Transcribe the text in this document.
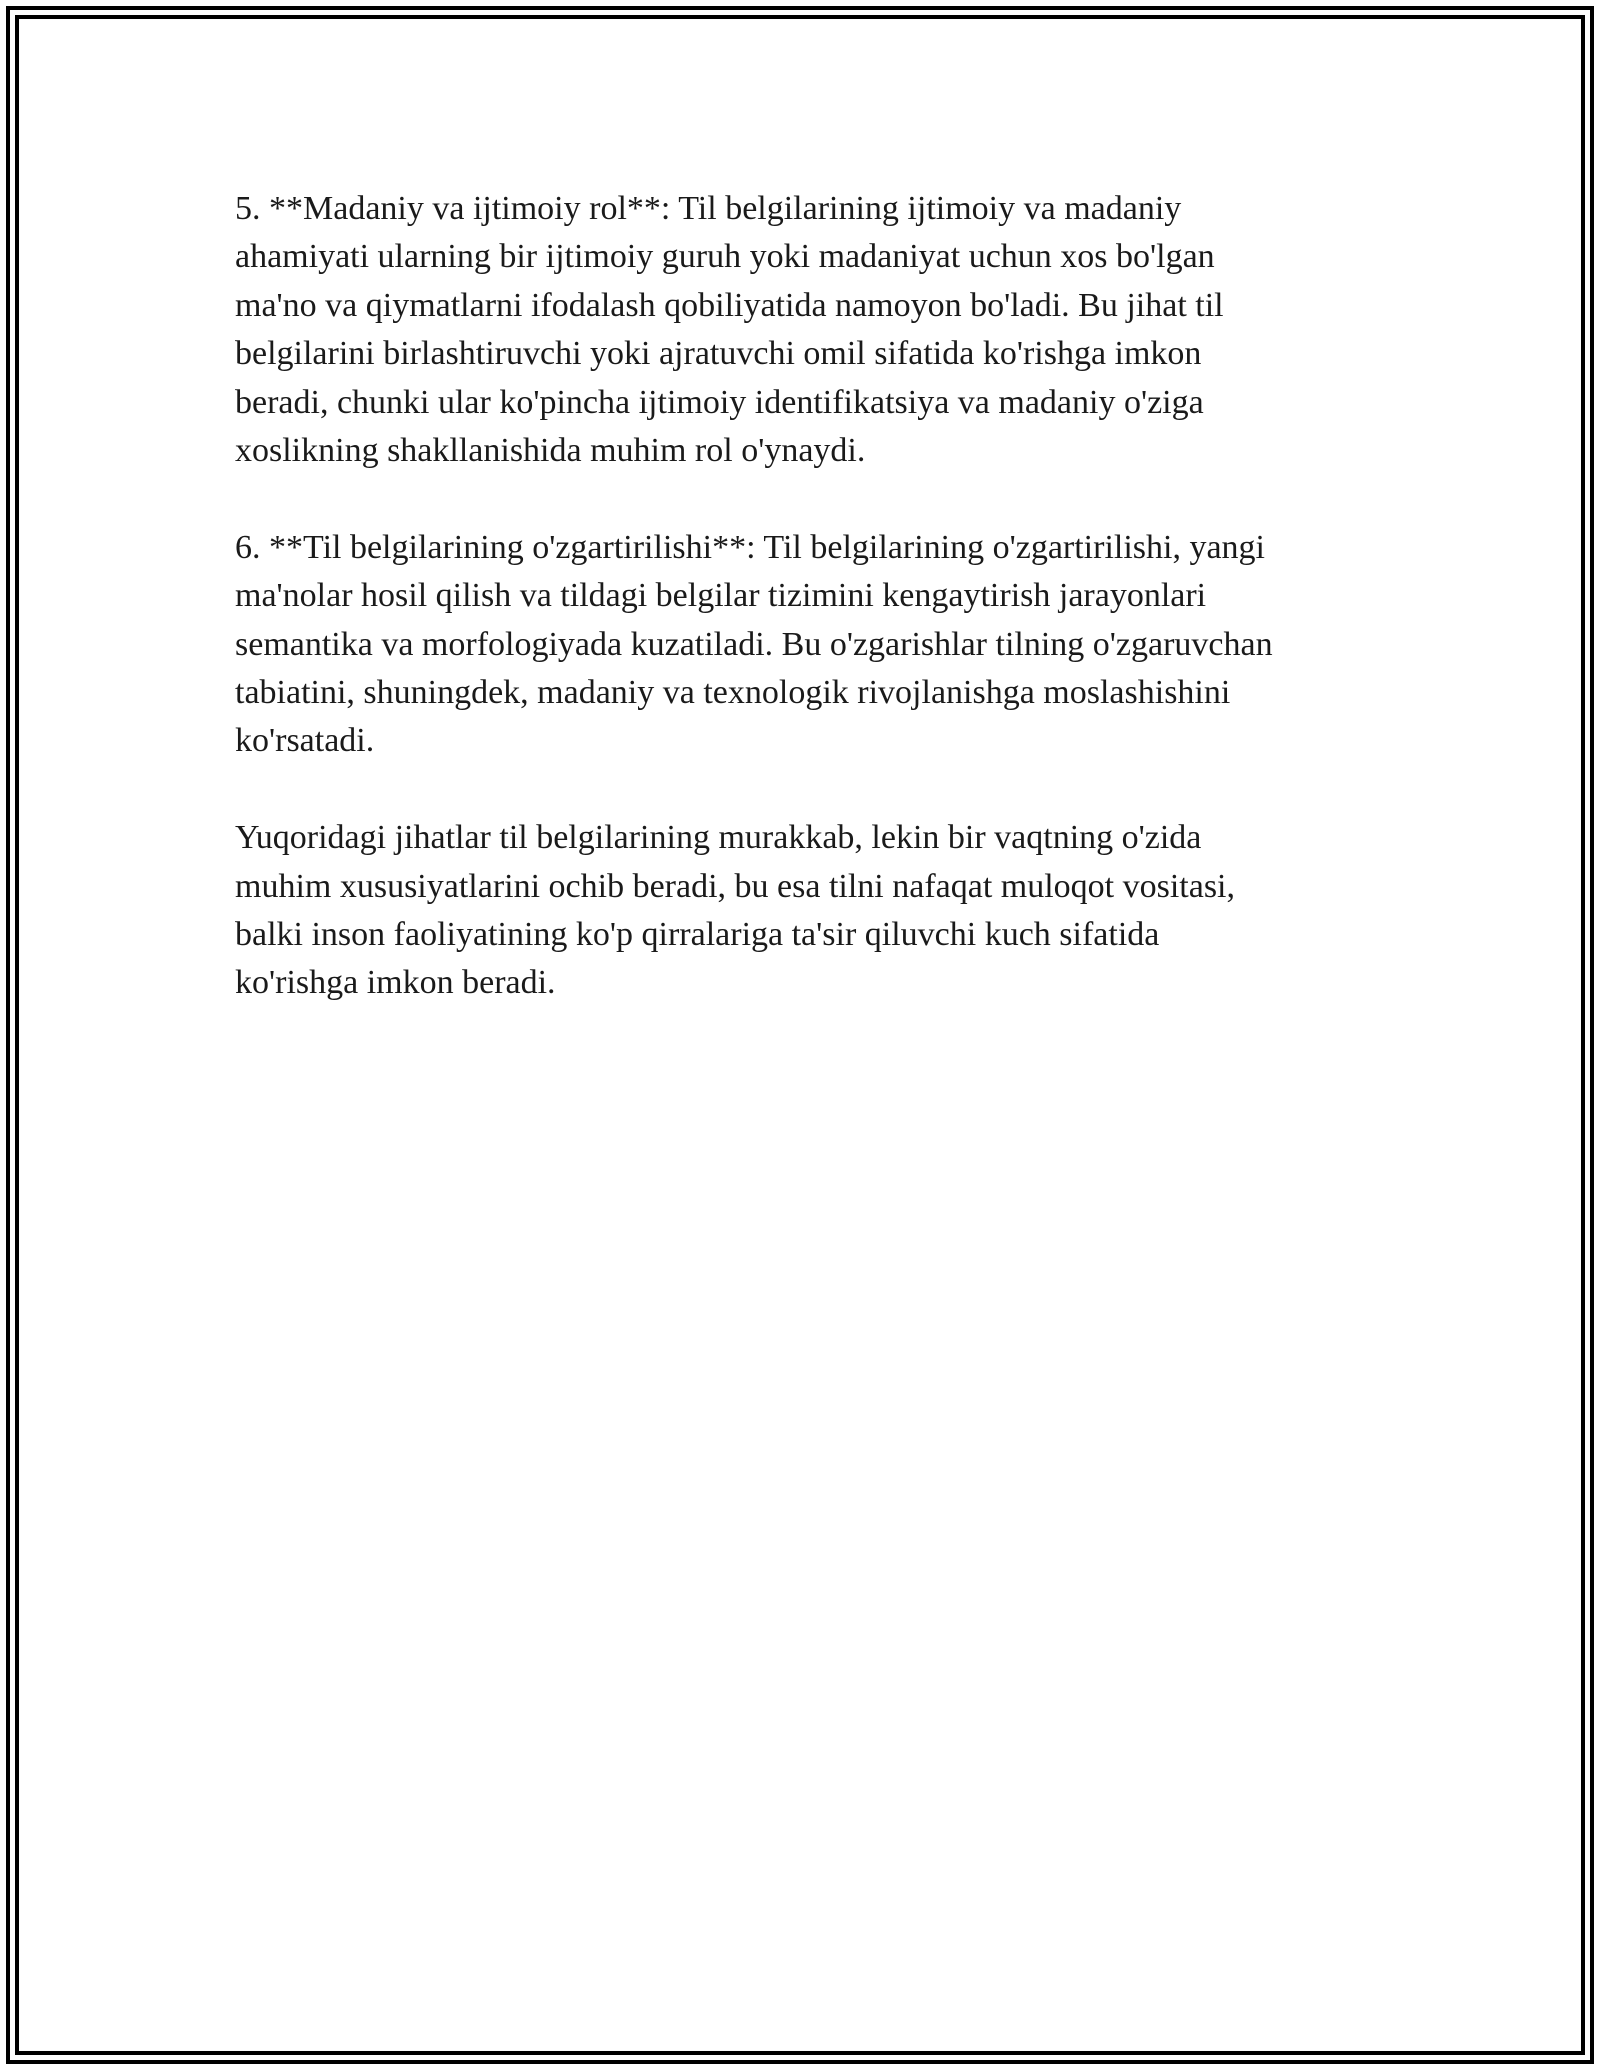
5. **Madaniy va ijtimoiy rol**: Til belgilarining ijtimoiy va madaniy
ahamiyati ularning bir ijtimoiy guruh yoki madaniyat uchun xos bo'lgan
ma'no va qiymatlarni ifodalash qobiliyatida namoyon bo'ladi. Bu jihat til
belgilarini birlashtiruvchi yoki ajratuvchi omil sifatida ko'rishga imkon
beradi, chunki ular ko'pincha ijtimoiy identifikatsiya va madaniy o'ziga
xoslikning shakllanishida muhim rol o'ynaydi.

6. **Til belgilarining o'zgartirilishi**: Til belgilarining o'zgartirilishi, yangi
ma'nolar hosil qilish va tildagi belgilar tizimini kengaytirish jarayonlari
semantika va morfologiyada kuzatiladi. Bu o'zgarishlar tilning o'zgaruvchan
tabiatini, shuningdek, madaniy va texnologik rivojlanishga moslashishini
ko'rsatadi.

Yuqoridagi jihatlar til belgilarining murakkab, lekin bir vaqtning o'zida
muhim xususiyatlarini ochib beradi, bu esa tilni nafaqat muloqot vositasi,
balki inson faoliyatining ko'p qirralariga ta'sir qiluvchi kuch sifatida
ko'rishga imkon beradi.
